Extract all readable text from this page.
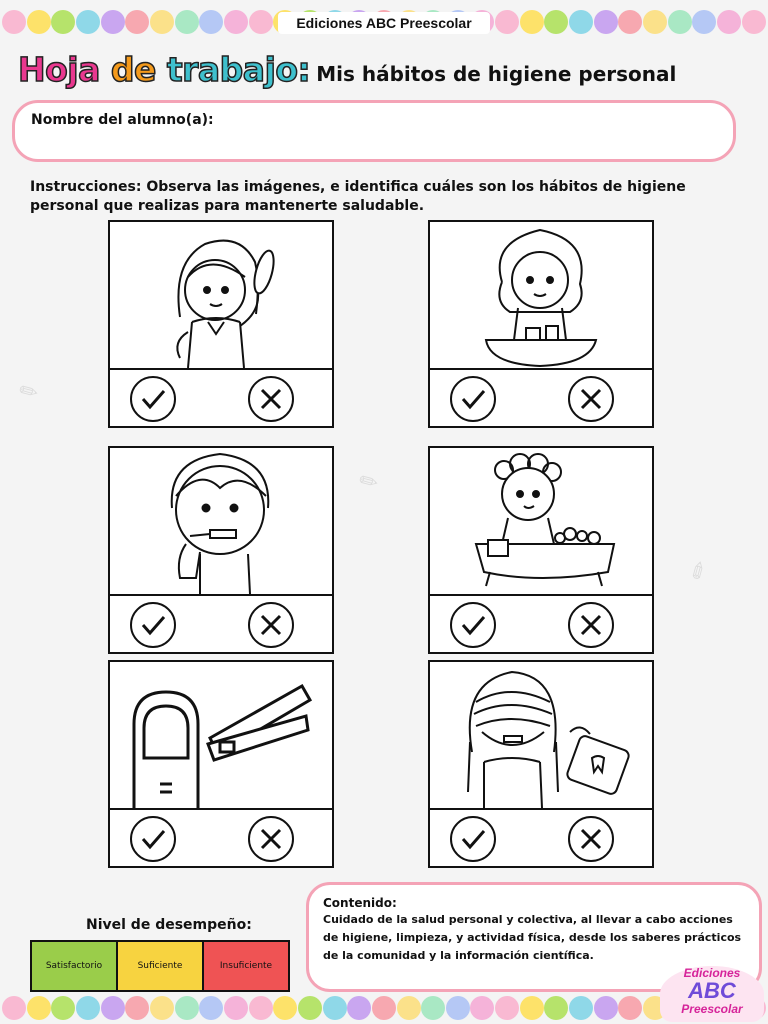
✎
✐
✎
Ediciones ABC Preescolar
Hoja de trabajo: Mis hábitos de higiene personal
Nombre del alumno(a):
Instrucciones: Observa las imágenes, e identifica cuáles son los hábitos de higiene personal que realizas para mantenerte saludable.
Nivel de desempeño:
Satisfactorio	Suficiente	Insuficiente
Contenido:
Cuidado de la salud personal y colectiva, al llevar a cabo acciones de higiene, limpieza, y actividad física, desde los saberes prácticos de la comunidad y la información científica.
Ediciones
ABC
Preescolar
